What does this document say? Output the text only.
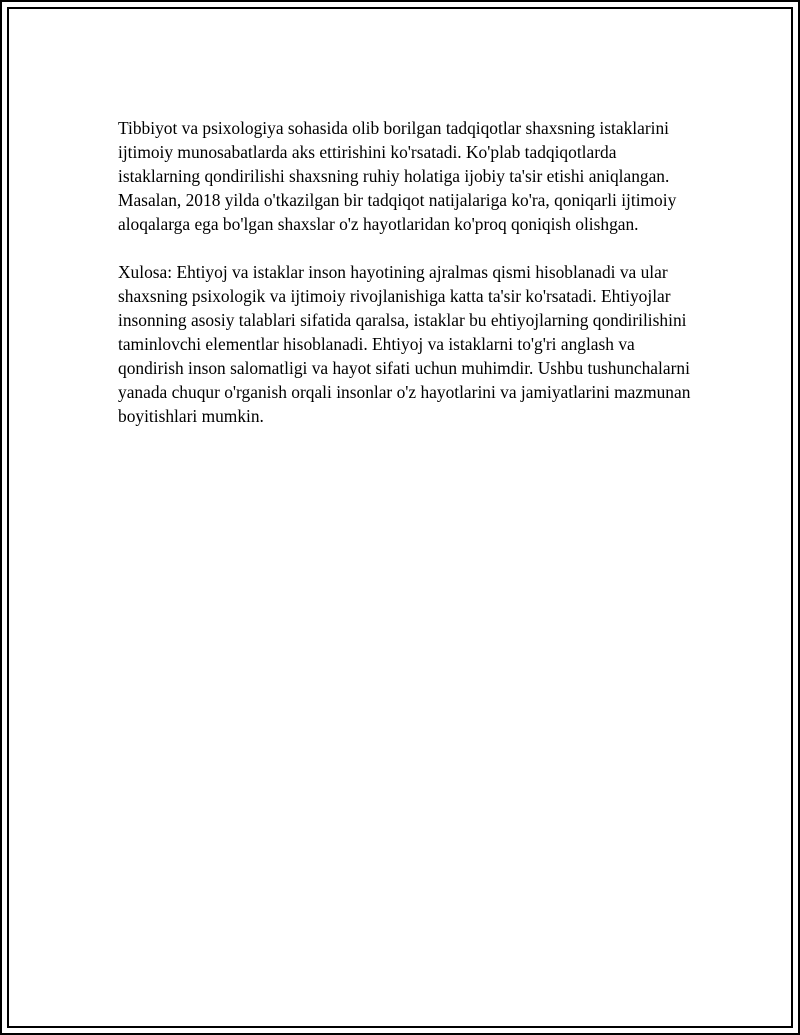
Tibbiyot va psixologiya sohasida olib borilgan tadqiqotlar shaxsning istaklarini ijtimoiy munosabatlarda aks ettirishini ko'rsatadi. Ko'plab tadqiqotlarda istaklarning qondirilishi shaxsning ruhiy holatiga ijobiy ta'sir etishi aniqlangan. Masalan, 2018 yilda o'tkazilgan bir tadqiqot natijalariga ko'ra, qoniqarli ijtimoiy aloqalarga ega bo'lgan shaxslar o'z hayotlaridan ko'proq qoniqish olishgan.

Xulosa: Ehtiyoj va istaklar inson hayotining ajralmas qismi hisoblanadi va ular shaxsning psixologik va ijtimoiy rivojlanishiga katta ta'sir ko'rsatadi. Ehtiyojlar insonning asosiy talablari sifatida qaralsa, istaklar bu ehtiyojlarning qondirilishini taminlovchi elementlar hisoblanadi. Ehtiyoj va istaklarni to'g'ri anglash va qondirish inson salomatligi va hayot sifati uchun muhimdir. Ushbu tushunchalarni yanada chuqur o'rganish orqali insonlar o'z hayotlarini va jamiyatlarini mazmunan boyitishlari mumkin.
